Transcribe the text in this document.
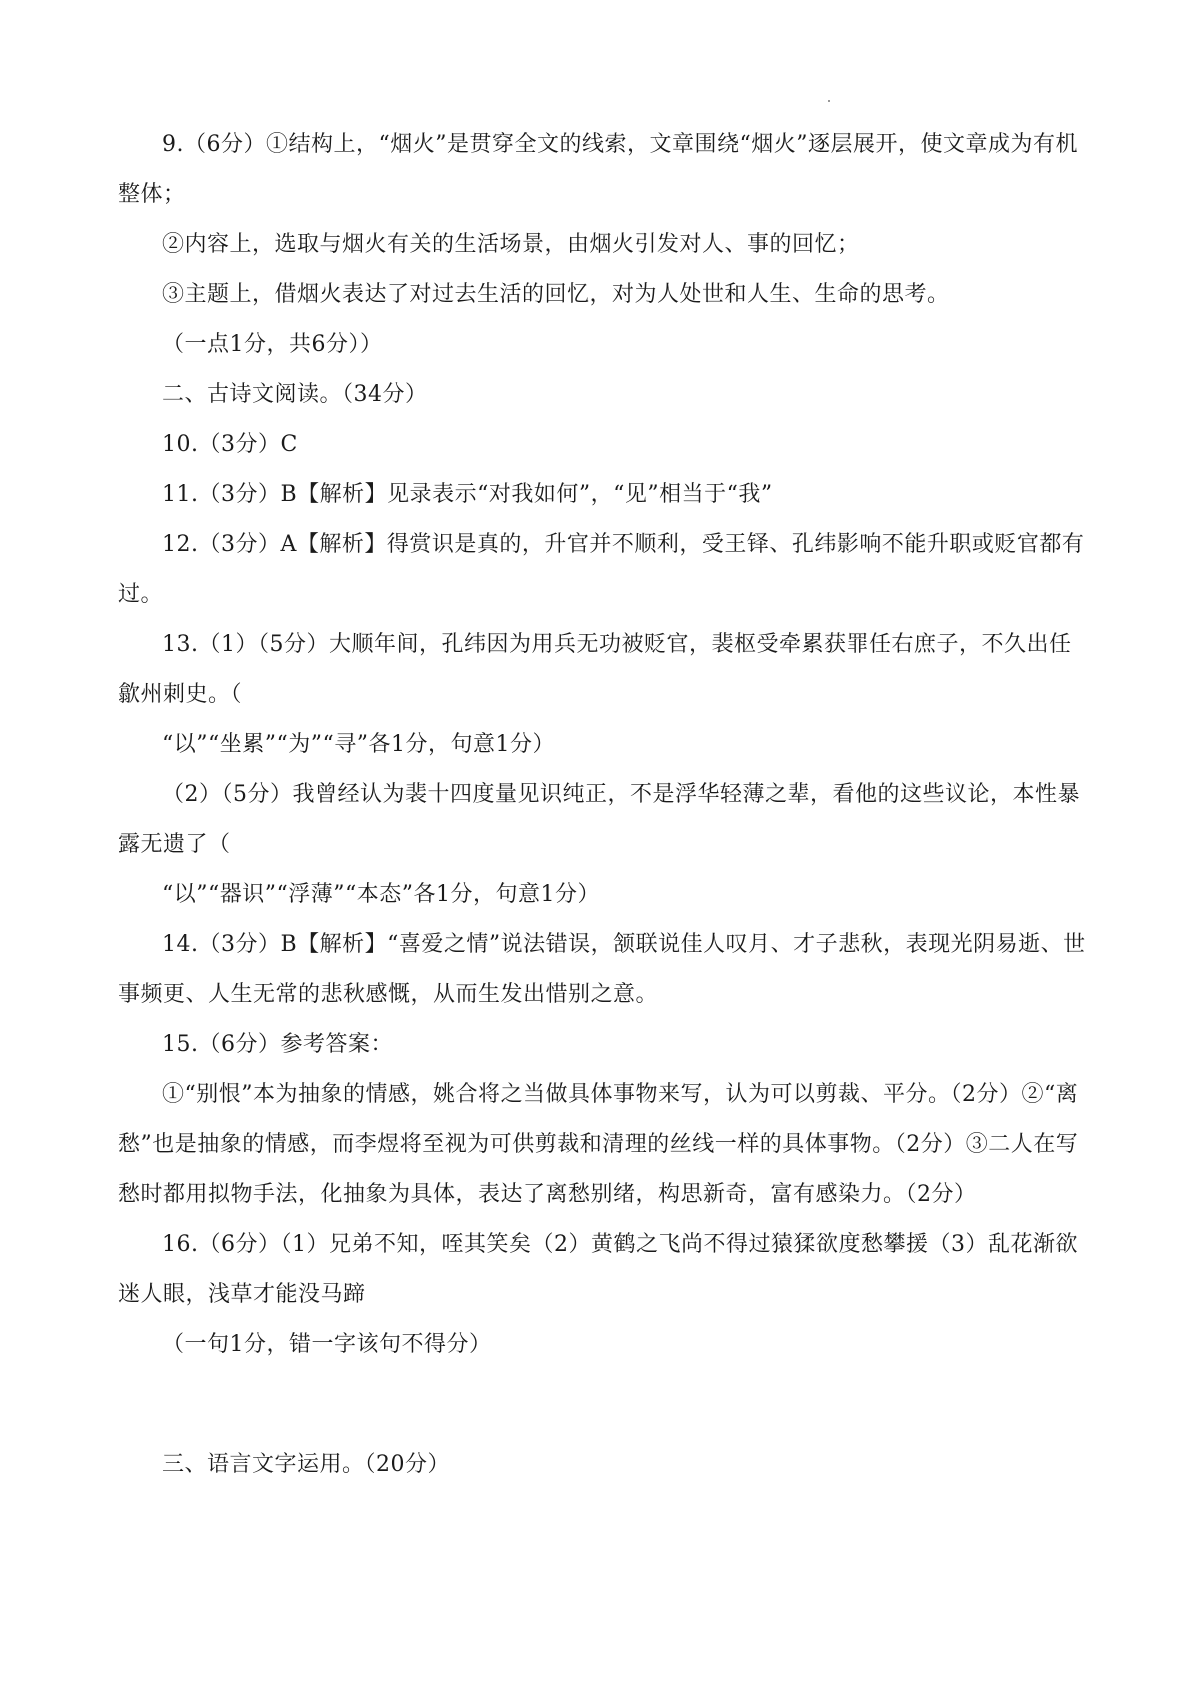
9.（6分）①结构上，“烟火”是贯穿全文的线索，文章围绕“烟火”逐层展开，使文章成为有机整体；

②内容上，选取与烟火有关的生活场景，由烟火引发对人、事的回忆；

③主题上，借烟火表达了对过去生活的回忆，对为人处世和人生、生命的思考。

（一点1分，共6分））

二、古诗文阅读。（34分）

10.（3分）C

11.（3分）B【解析】见录表示“对我如何”，“见”相当于“我”

12.（3分）A【解析】得赏识是真的，升官并不顺利，受王铎、孔纬影响不能升职或贬官都有过。

13.（1）（5分）大顺年间，孔纬因为用兵无功被贬官，裴枢受牵累获罪任右庶子，不久出任歙州刺史。（

“以”“坐累”“为”“寻”各1分，句意1分）

（2）（5分）我曾经认为裴十四度量见识纯正，不是浮华轻薄之辈，看他的这些议论，本性暴露无遗了（

“以”“器识”“浮薄”“本态”各1分，句意1分）

14.（3分）B【解析】“喜爱之情”说法错误，颔联说佳人叹月、才子悲秋，表现光阴易逝、世事频更、人生无常的悲秋感慨，从而生发出惜别之意。

15.（6分）参考答案：

①“别恨”本为抽象的情感，姚合将之当做具体事物来写，认为可以剪裁、平分。（2分）②“离愁”也是抽象的情感，而李煜将至视为可供剪裁和清理的丝线一样的具体事物。（2分）③二人在写愁时都用拟物手法，化抽象为具体，表达了离愁别绪，构思新奇，富有感染力。（2分）

16.（6分）（1）兄弟不知，咥其笑矣（2）黄鹤之飞尚不得过猿猱欲度愁攀援（3）乱花渐欲迷人眼，浅草才能没马蹄

（一句1分，错一字该句不得分）

三、语言文字运用。（20分）
